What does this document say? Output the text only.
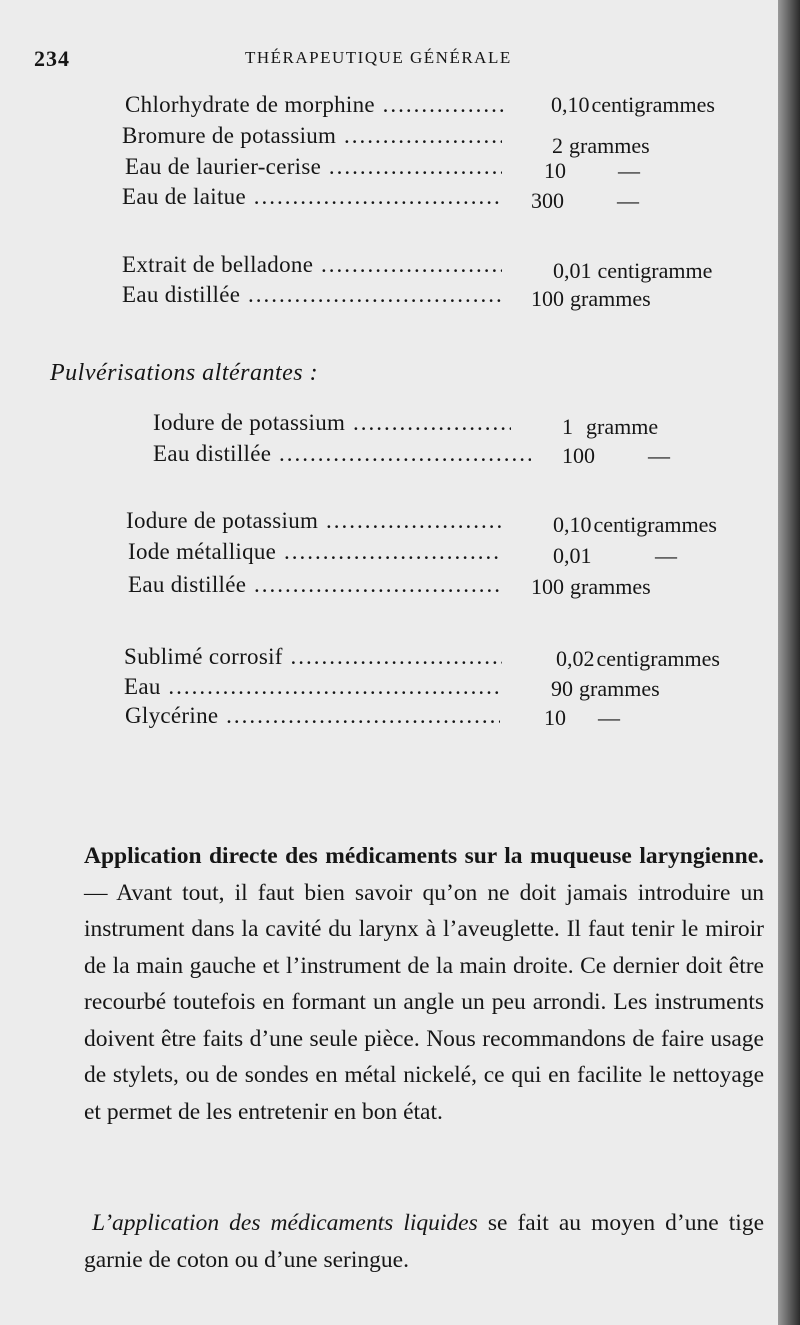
234	THÉRAPEUTIQUE GÉNÉRALE
Chlorhydrate de morphine .....	0,10centigrammes
Bromure de potassium .....	2 grammes
Eau de laurier-cerise .....	10 —
Eau de laitue .....	300 —
Extrait de belladone .....	0,01 centigramme
Eau distillée .....	100 grammes
Pulvérisations altérantes :
Iodure de potassium .....	1 gramme
Eau distillée .....	100 —
Iodure de potassium .....	0,10centigrammes
Iode métallique .....	0,01	—
Eau distillée .....	100 grammes
Sublimé corrosif .....	0,02centigrammes
Eau .....	90 grammes
Glycérine .....	10 —

Application directe des médicaments sur la muqueuse laryngienne. — Avant tout, il faut bien savoir qu’on ne doit jamais introduire un instrument dans la cavité du larynx à l’aveuglette. Il faut tenir le miroir de la main gauche et l’instrument de la main droite. Ce dernier doit être recourbé toutefois en formant un angle un peu arrondi. Les instruments doivent être faits d’une seule pièce. Nous recommandons de faire usage de stylets, ou de sondes en métal nickelé, ce qui en facilite le nettoyage et permet de les entretenir en bon état.

L’application des médicaments liquides se fait au moyen d’une tige garnie de coton ou d’une seringue.
